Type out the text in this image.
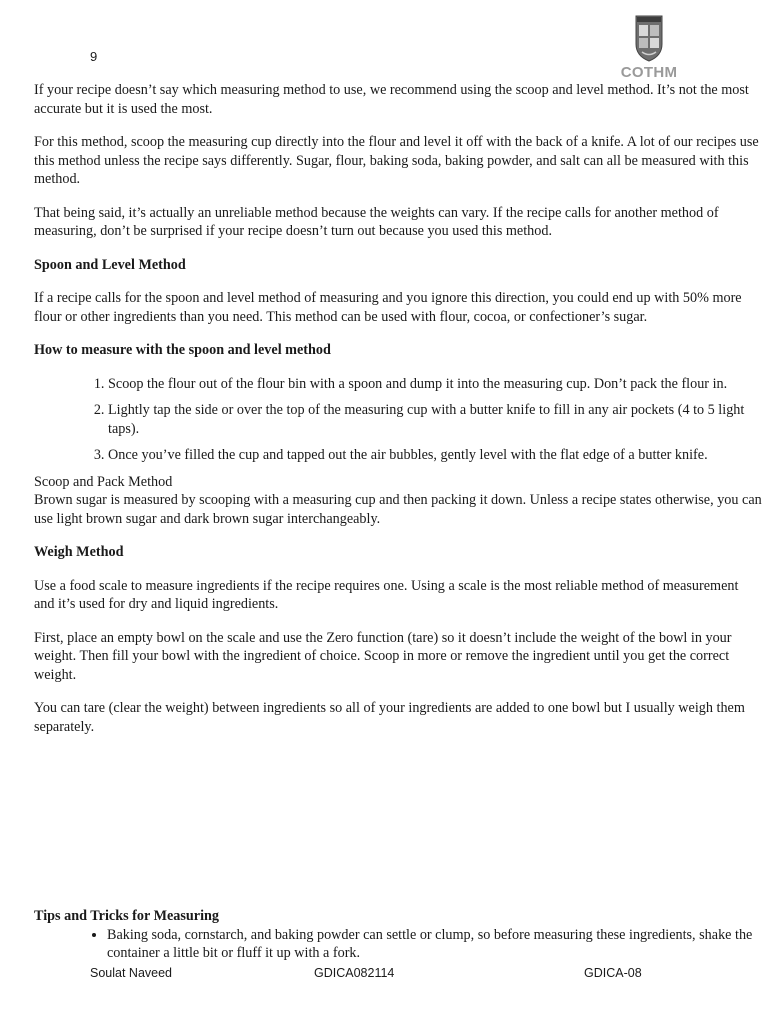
9
COTHM

If your recipe doesn’t say which measuring method to use, we recommend using the scoop and level method. It’s not the most accurate but it is used the most.

For this method, scoop the measuring cup directly into the flour and level it off with the back of a knife. A lot of our recipes use this method unless the recipe says differently. Sugar, flour, baking soda, baking powder, and salt can all be measured with this method.

That being said, it’s actually an unreliable method because the weights can vary. If the recipe calls for another method of measuring, don’t be surprised if your recipe doesn’t turn out because you used this method.

Spoon and Level Method

If a recipe calls for the spoon and level method of measuring and you ignore this direction, you could end up with 50% more flour or other ingredients than you need. This method can be used with flour, cocoa, or confectioner’s sugar.

How to measure with the spoon and level method
1. Scoop the flour out of the flour bin with a spoon and dump it into the measuring cup. Don’t pack the flour in.
2. Lightly tap the side or over the top of the measuring cup with a butter knife to fill in any air pockets (4 to 5 light taps).
3. Once you’ve filled the cup and tapped out the air bubbles, gently level with the flat edge of a butter knife.
Scoop and Pack Method

Brown sugar is measured by scooping with a measuring cup and then packing it down. Unless a recipe states otherwise, you can use light brown sugar and dark brown sugar interchangeably.

Weigh Method

Use a food scale to measure ingredients if the recipe requires one. Using a scale is the most reliable method of measurement and it’s used for dry and liquid ingredients.

First, place an empty bowl on the scale and use the Zero function (tare) so it doesn’t include the weight of the bowl in your weight. Then fill your bowl with the ingredient of choice. Scoop in more or remove the ingredient until you get the correct weight.

You can tare (clear the weight) between ingredients so all of your ingredients are added to one bowl but I usually weigh them separately.

Tips and Tricks for Measuring
• Baking soda, cornstarch, and baking powder can settle or clump, so before measuring these ingredients, shake the container a little bit or fluff it up with a fork.
Soulat Naveed	GDICA082114	GDICA-08
